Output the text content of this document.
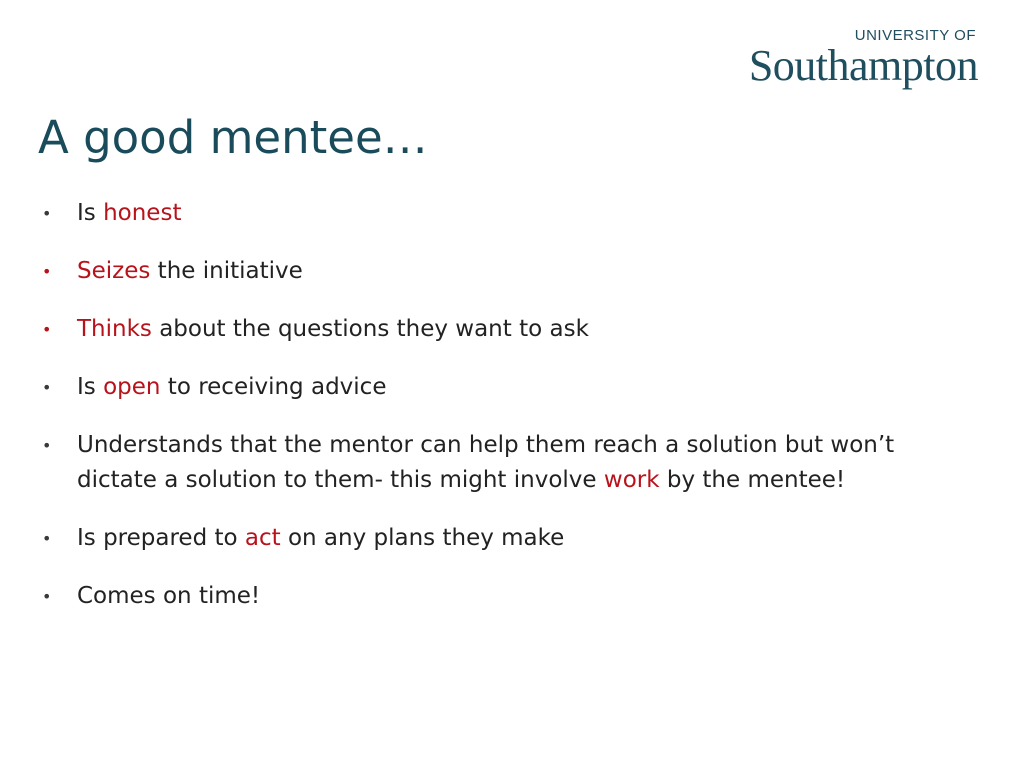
UNIVERSITY OF
Southampton
A good mentee…
•	Is honest
•	Seizes the initiative
•	Thinks about the questions they want to ask
•	Is open to receiving advice
•	Understands that the mentor can help them reach a solution but won’t dictate a solution to them- this might involve work by the mentee!
•	Is prepared to act on any plans they make
•	Comes on time!
